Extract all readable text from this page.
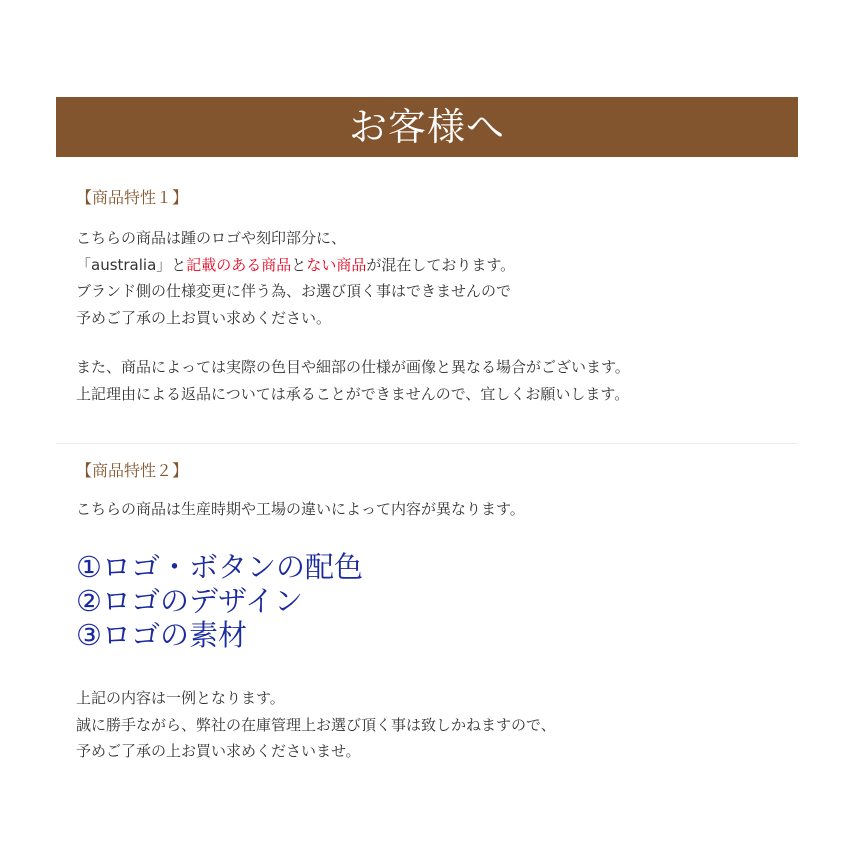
お客様へ
【商品特性１】
こちらの商品は踵のロゴや刻印部分に、
「australia」と記載のある商品とない商品が混在しております。
ブランド側の仕様変更に伴う為、お選び頂く事はできませんので
予めご了承の上お買い求めください。
また、商品によっては実際の色目や細部の仕様が画像と異なる場合がございます。
上記理由による返品については承ることができませんので、宜しくお願いします。
【商品特性２】
こちらの商品は生産時期や工場の違いによって内容が異なります。
①ロゴ・ボタンの配色
②ロゴのデザイン
③ロゴの素材
上記の内容は一例となります。
誠に勝手ながら、弊社の在庫管理上お選び頂く事は致しかねますので、
予めご了承の上お買い求めくださいませ。
